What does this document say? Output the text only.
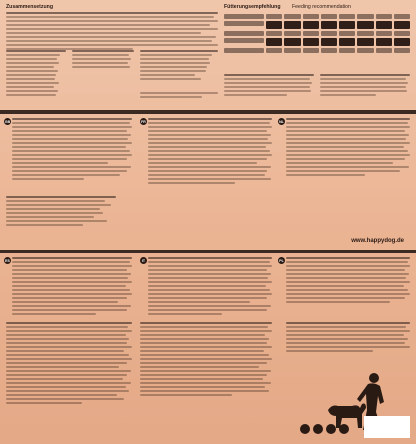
Zusammensetzung	Fütterungsempfehlung Feeding recommendation
GB	FR	NL
www.happydog.de
ES	IT	PL
